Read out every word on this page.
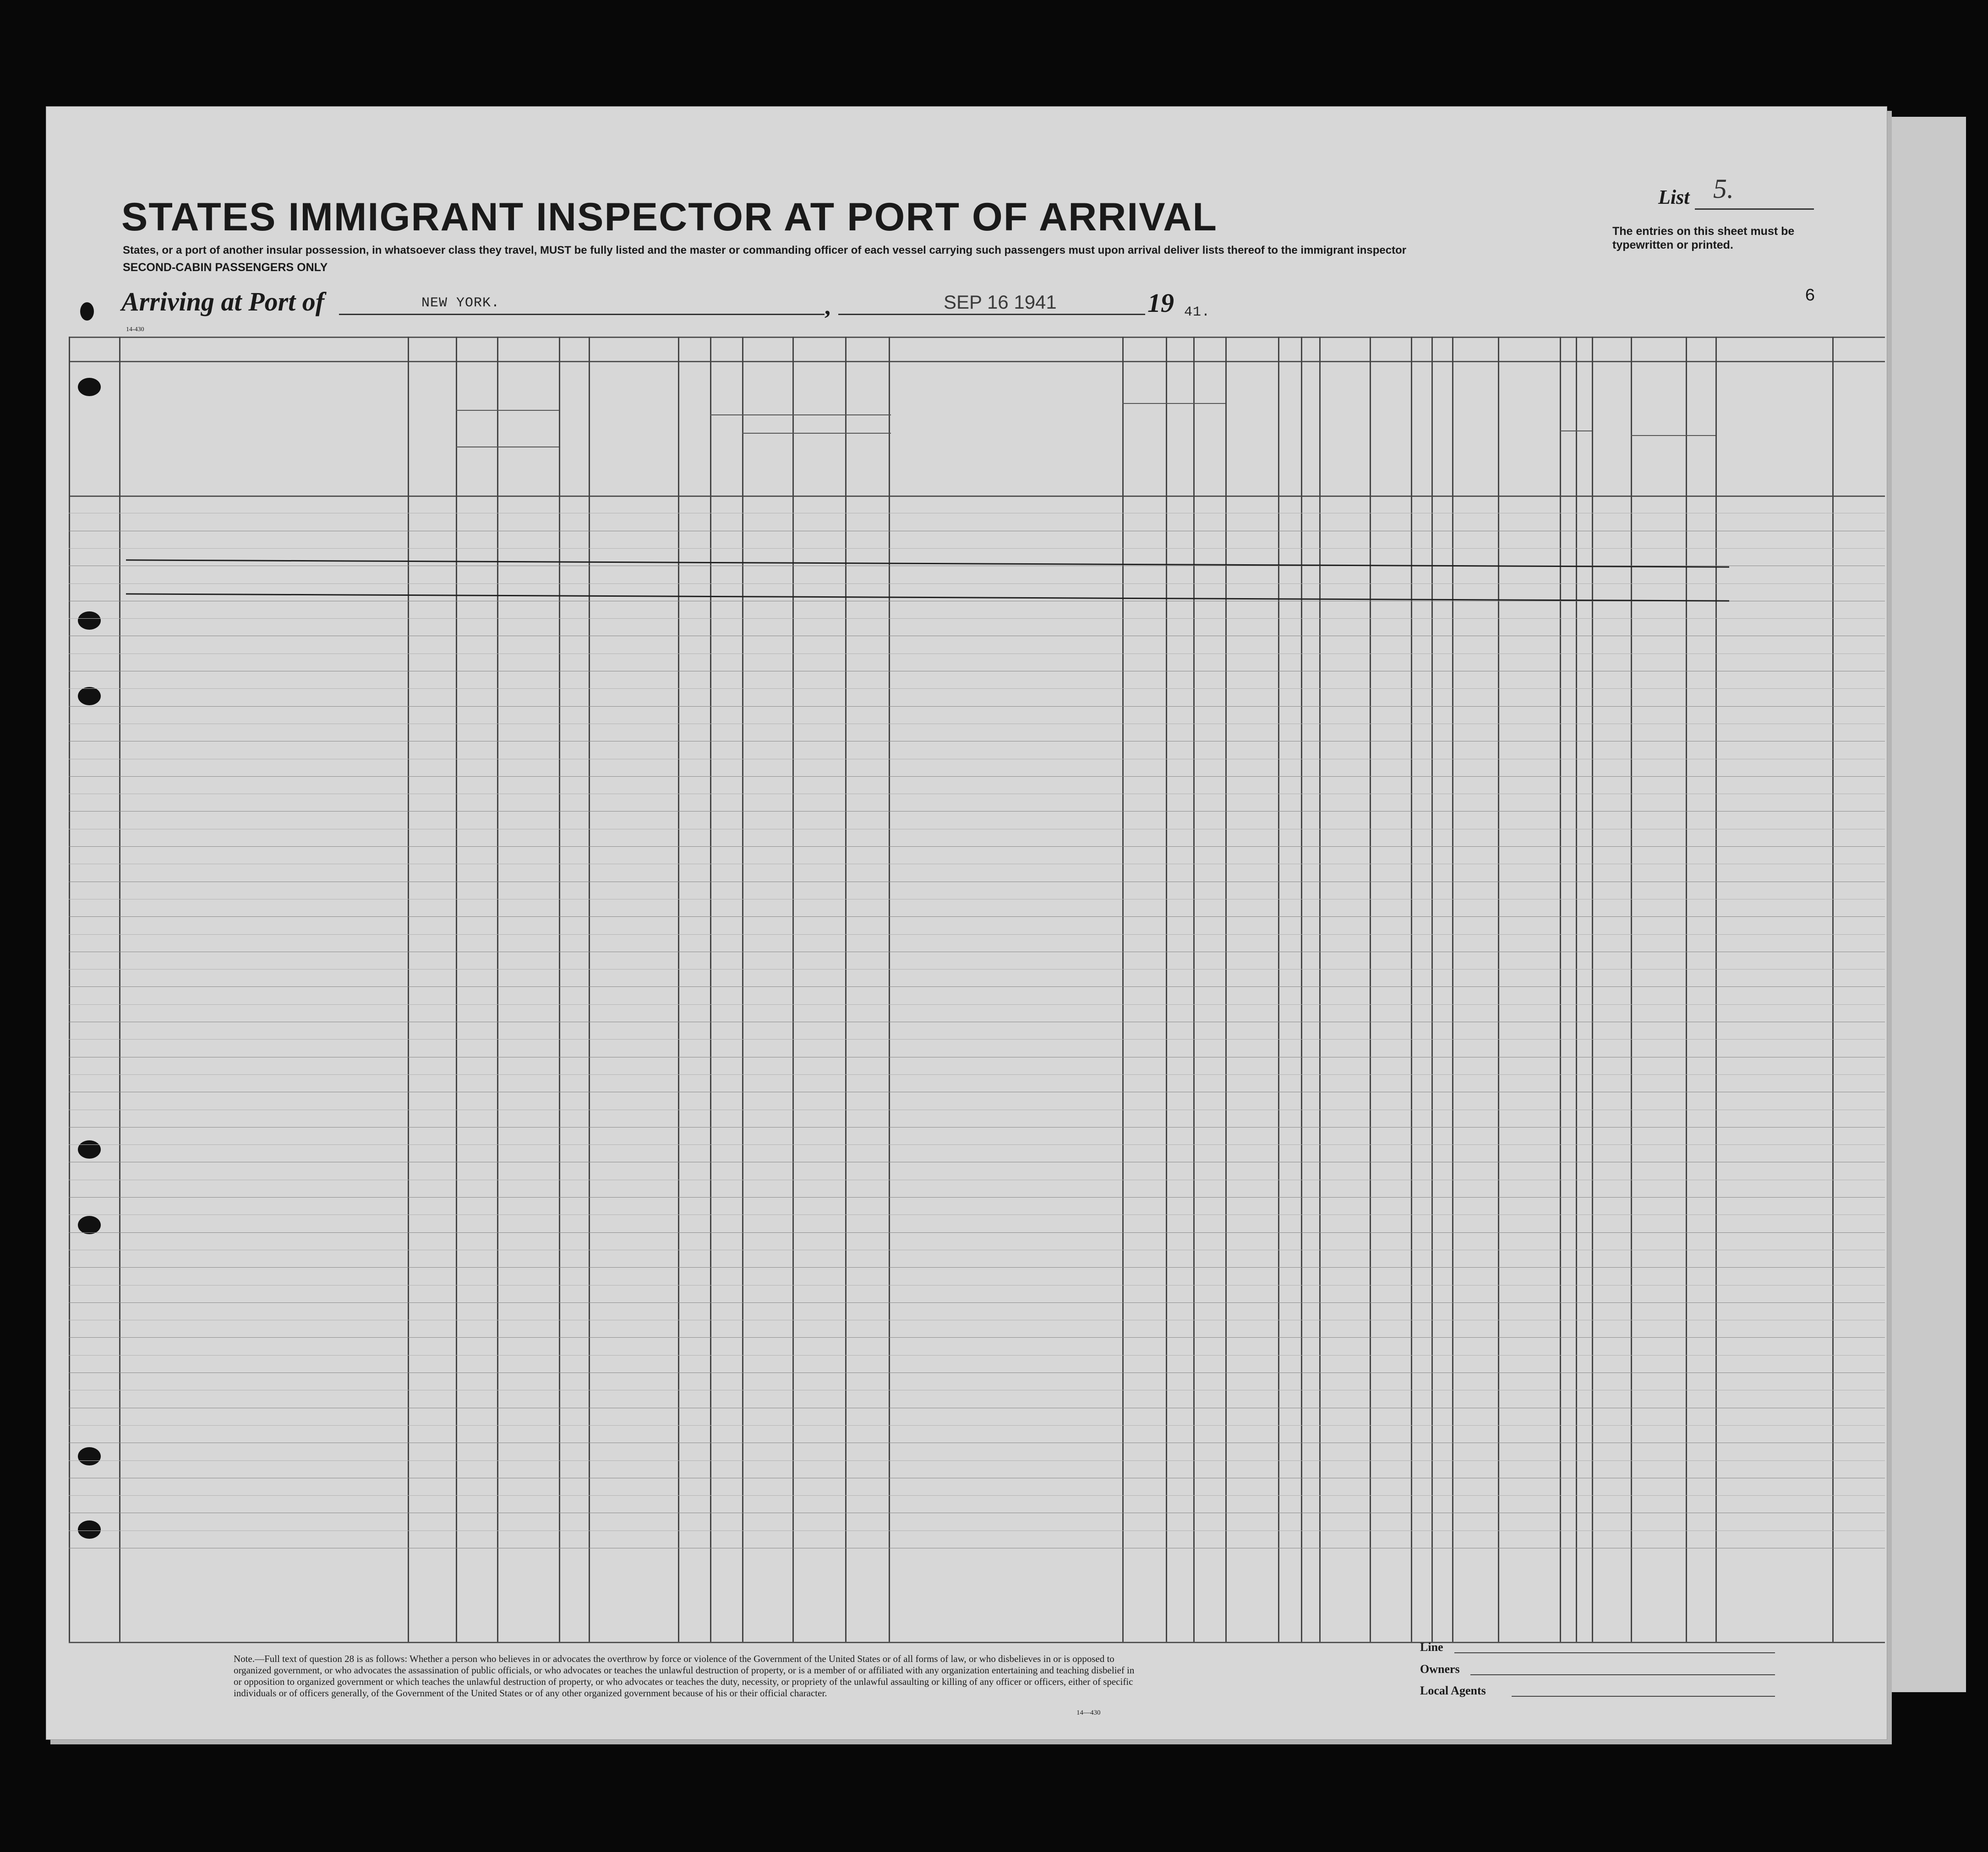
STATES IMMIGRANT INSPECTOR AT PORT OF ARRIVAL
States, or a port of another insular possession, in whatsoever class they travel, MUST be fully listed and the master or commanding officer of each vessel carrying such passengers must upon arrival deliver lists thereof to the immigrant inspector
SECOND-CABIN PASSENGERS ONLY
List 5.
The entries on this sheet must be typewritten or printed.
Arriving at Port of	NEW YORK.	,	SEP 16 1941	19 41.
6
14-430
Note.—Full text of question 28 is as follows: Whether a person who believes in or advocates the overthrow by force or violence of the Government of the United States or of all forms of law, or who disbelieves in or is opposed to organized government, or who advocates the assassination of public officials, or who advocates or teaches the unlawful destruction of property, or is a member of or affiliated with any organization entertaining and teaching disbelief in or opposition to organized government or which teaches the unlawful destruction of property, or who advocates or teaches the duty, necessity, or propriety of the unlawful assaulting or killing of any officer or officers, either of specific individuals or of officers generally, of the Government of the United States or of any other organized government because of his or their official character.
14—430
Line
Owners
Local Agents
